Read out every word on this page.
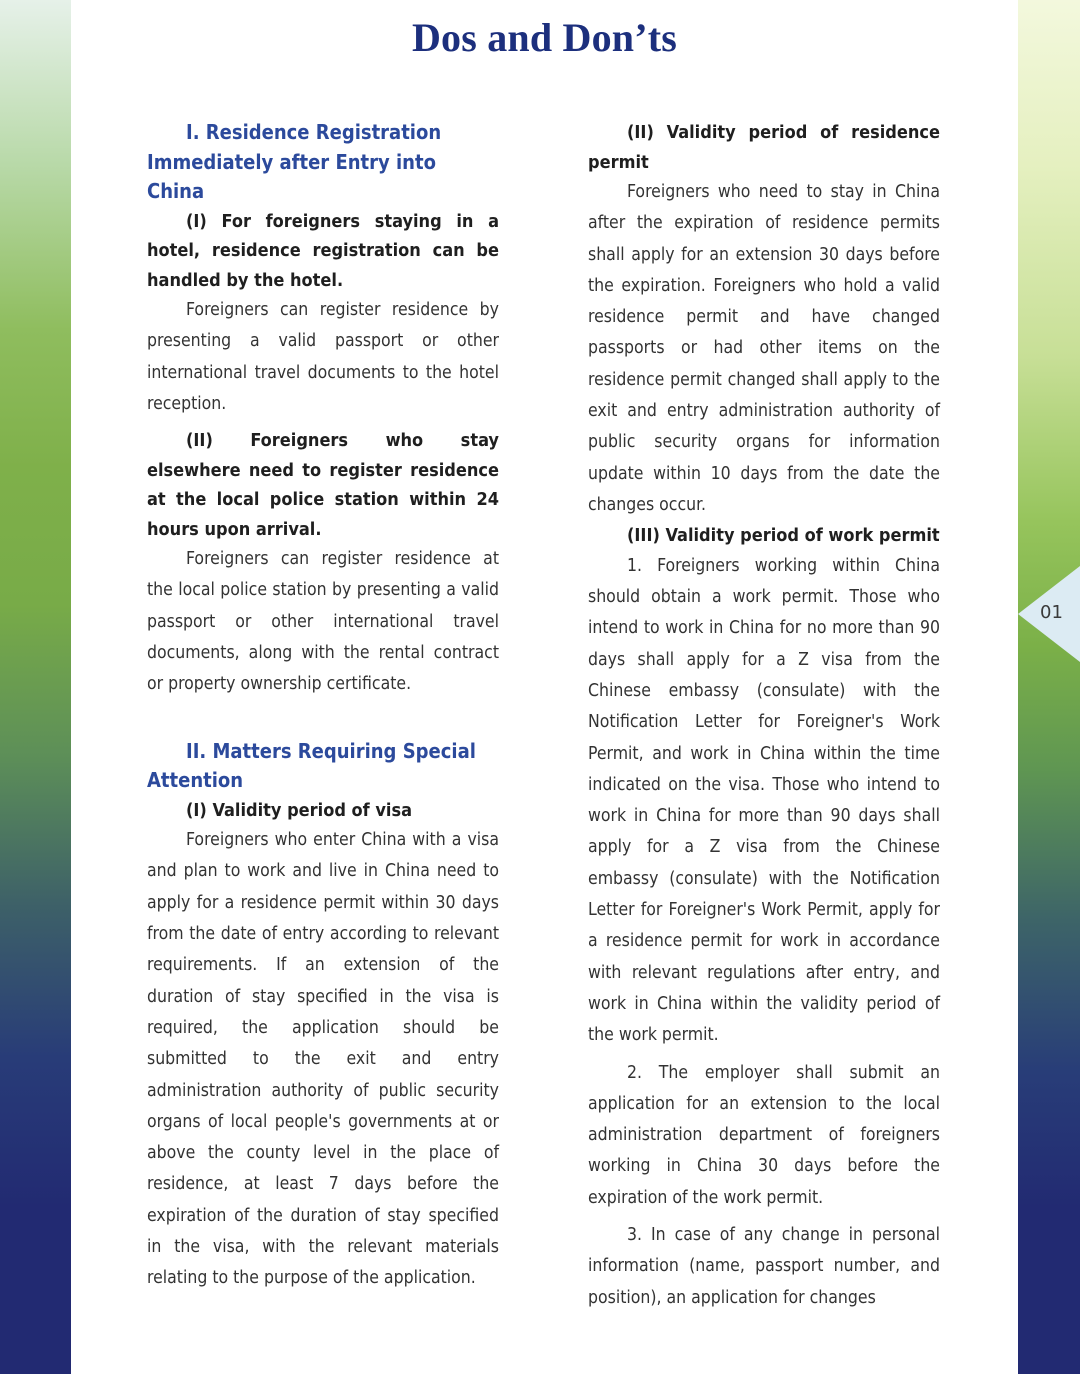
Dos and Don’ts

I. Residence Registration Immediately after Entry into China

(I) For foreigners staying in a hotel, residence registration can be handled by the hotel.

Foreigners can register residence by presenting a valid passport or other international travel documents to the hotel reception.

(II) Foreigners who stay elsewhere need to register residence at the local police station within 24 hours upon arrival.

Foreigners can register residence at the local police station by presenting a valid passport or other international travel documents, along with the rental contract or property ownership certificate.

II. Matters Requiring Special Attention

(I) Validity period of visa

Foreigners who enter China with a visa and plan to work and live in China need to apply for a residence permit within 30 days from the date of entry according to relevant requirements. If an extension of the duration of stay specified in the visa is required, the application should be submitted to the exit and entry administration authority of public security organs of local people's governments at or above the county level in the place of residence, at least 7 days before the expiration of the duration of stay specified in the visa, with the relevant materials relating to the purpose of the application.

(II) Validity period of residence permit

Foreigners who need to stay in China after the expiration of residence permits shall apply for an extension 30 days before the expiration. Foreigners who hold a valid residence permit and have changed passports or had other items on the residence permit changed shall apply to the exit and entry administration authority of public security organs for information update within 10 days from the date the changes occur.

(III) Validity period of work permit

1. Foreigners working within China should obtain a work permit. Those who intend to work in China for no more than 90 days shall apply for a Z visa from the Chinese embassy (consulate) with the Notification Letter for Foreigner's Work Permit, and work in China within the time indicated on the visa. Those who intend to work in China for more than 90 days shall apply for a Z visa from the Chinese embassy (consulate) with the Notification Letter for Foreigner's Work Permit, apply for a residence permit for work in accordance with relevant regulations after entry, and work in China within the validity period of the work permit.

2. The employer shall submit an application for an extension to the local administration department of foreigners working in China 30 days before the expiration of the work permit.

3. In case of any change in personal information (name, passport number, and position), an application for changes

01
